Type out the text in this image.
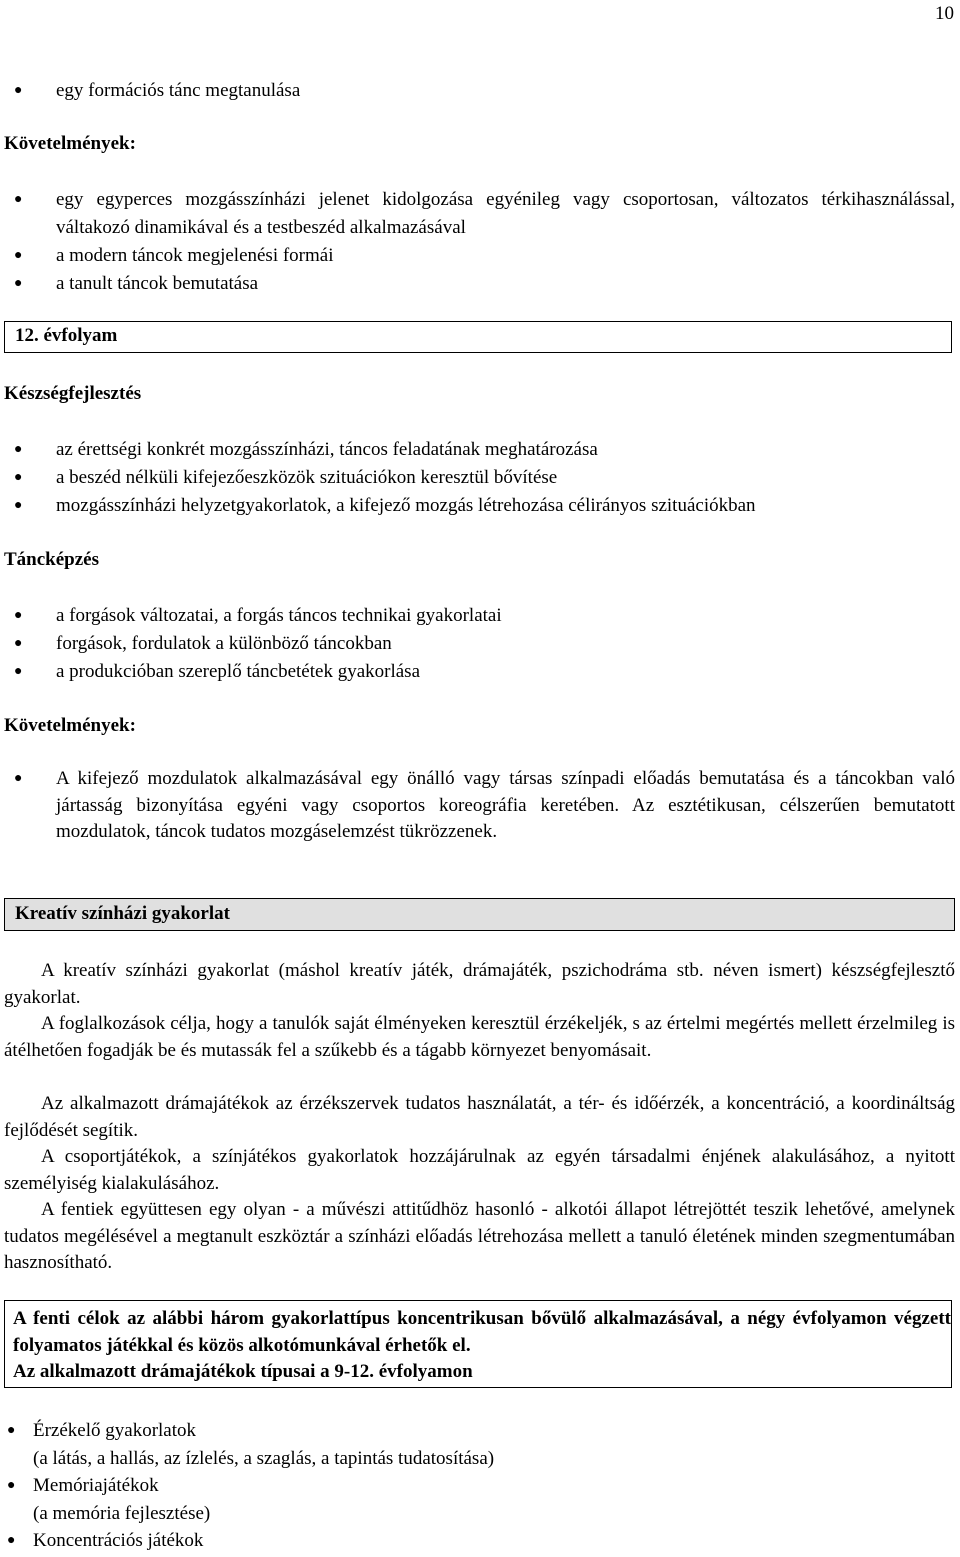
10
● egy formációs tánc megtanulása
Követelmények:
● egy egyperces mozgásszínházi jelenet kidolgozása egyénileg vagy csoportosan, változatos térkihasználással, váltakozó dinamikával és a testbeszéd alkalmazásával
● a modern táncok megjelenési formái
● a tanult táncok bemutatása
12. évfolyam
Készségfejlesztés
● az érettségi konkrét mozgásszínházi, táncos feladatának meghatározása
● a beszéd nélküli kifejezőeszközök szituációkon keresztül bővítése
● mozgásszínházi helyzetgyakorlatok, a kifejező mozgás létrehozása célirányos szituációkban
Táncképzés
● a forgások változatai, a forgás táncos technikai gyakorlatai
● forgások, fordulatok a különböző táncokban
● a produkcióban szereplő táncbetétek gyakorlása
Követelmények:
● A kifejező mozdulatok alkalmazásával egy önálló vagy társas színpadi előadás bemutatása és a táncokban való jártasság bizonyítása egyéni vagy csoportos koreográfia keretében. Az esztétikusan, célszerűen bemutatott mozdulatok, táncok tudatos mozgáselemzést tükrözzenek.
Kreatív színházi gyakorlat

A kreatív színházi gyakorlat (máshol kreatív játék, drámajáték, pszichodráma stb. néven ismert) készségfejlesztő gyakorlat.

A foglalkozások célja, hogy a tanulók saját élményeken keresztül érzékeljék, s az értelmi megértés mellett érzelmileg is átélhetően fogadják be és mutassák fel a szűkebb és a tágabb környezet benyomásait.

Az alkalmazott drámajátékok az érzékszervek tudatos használatát, a tér- és időérzék, a koncentráció, a koordináltság fejlődését segítik.

A csoportjátékok, a színjátékos gyakorlatok hozzájárulnak az egyén társadalmi énjének alakulásához, a nyitott személyiség kialakulásához.

A fentiek együttesen egy olyan - a művészi attitűdhöz hasonló - alkotói állapot létrejöttét teszik lehetővé, amelynek tudatos megélésével a megtanult eszköztár a színházi előadás létrehozása mellett a tanuló életének minden szegmentumában hasznosítható.

A fenti célok az alábbi három gyakorlattípus koncentrikusan bővülő alkalmazásával, a négy évfolyamon végzett folyamatos játékkal és közös alkotómunkával érhetők el.

Az alkalmazott drámajátékok típusai a 9-12. évfolyamon

● Érzékelő gyakorlatok
(a látás, a hallás, az ízlelés, a szaglás, a tapintás tudatosítása)
● Memóriajátékok
(a memória fejlesztése)
● Koncentrációs játékok
